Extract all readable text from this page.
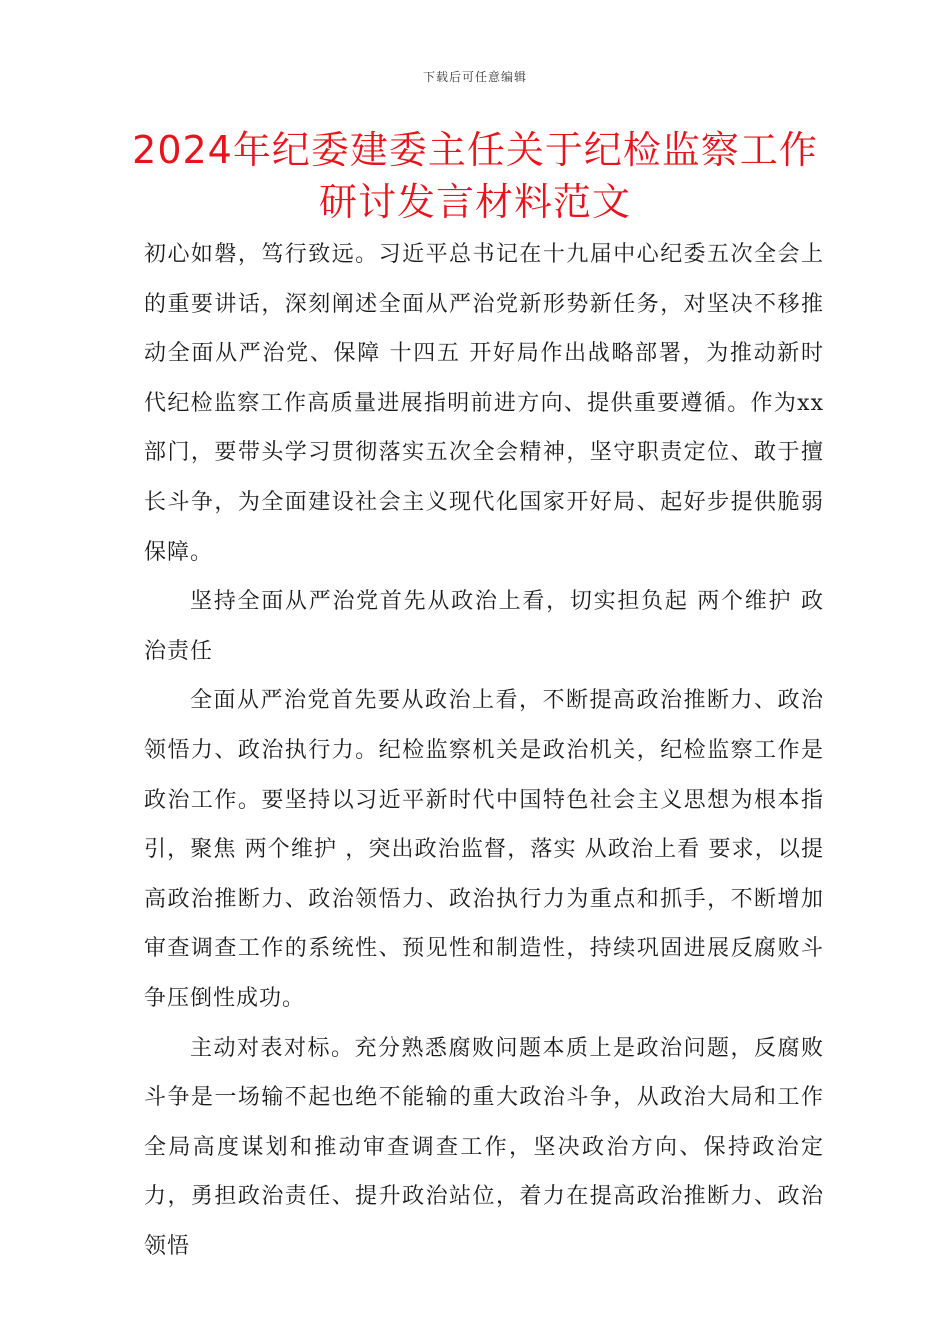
下载后可任意编辑
2024年纪委建委主任关于纪检监察工作研讨发言材料范文

初心如磐，笃行致远。习近平总书记在十九届中心纪委五次全会上的重要讲话，深刻阐述全面从严治党新形势新任务，对坚决不移推动全面从严治党、保障 十四五 开好局作出战略部署，为推动新时代纪检监察工作高质量进展指明前进方向、提供重要遵循。作为xx部门，要带头学习贯彻落实五次全会精神，坚守职责定位、敢于擅长斗争，为全面建设社会主义现代化国家开好局、起好步提供脆弱保障。

坚持全面从严治党首先从政治上看，切实担负起 两个维护 政治责任

全面从严治党首先要从政治上看，不断提高政治推断力、政治领悟力、政治执行力。纪检监察机关是政治机关，纪检监察工作是政治工作。要坚持以习近平新时代中国特色社会主义思想为根本指引，聚焦 两个维护 ，突出政治监督，落实 从政治上看 要求，以提高政治推断力、政治领悟力、政治执行力为重点和抓手，不断增加审查调查工作的系统性、预见性和制造性，持续巩固进展反腐败斗争压倒性成功。

主动对表对标。充分熟悉腐败问题本质上是政治问题，反腐败斗争是一场输不起也绝不能输的重大政治斗争，从政治大局和工作全局高度谋划和推动审查调查工作，坚决政治方向、保持政治定力，勇担政治责任、提升政治站位，着力在提高政治推断力、政治领悟
